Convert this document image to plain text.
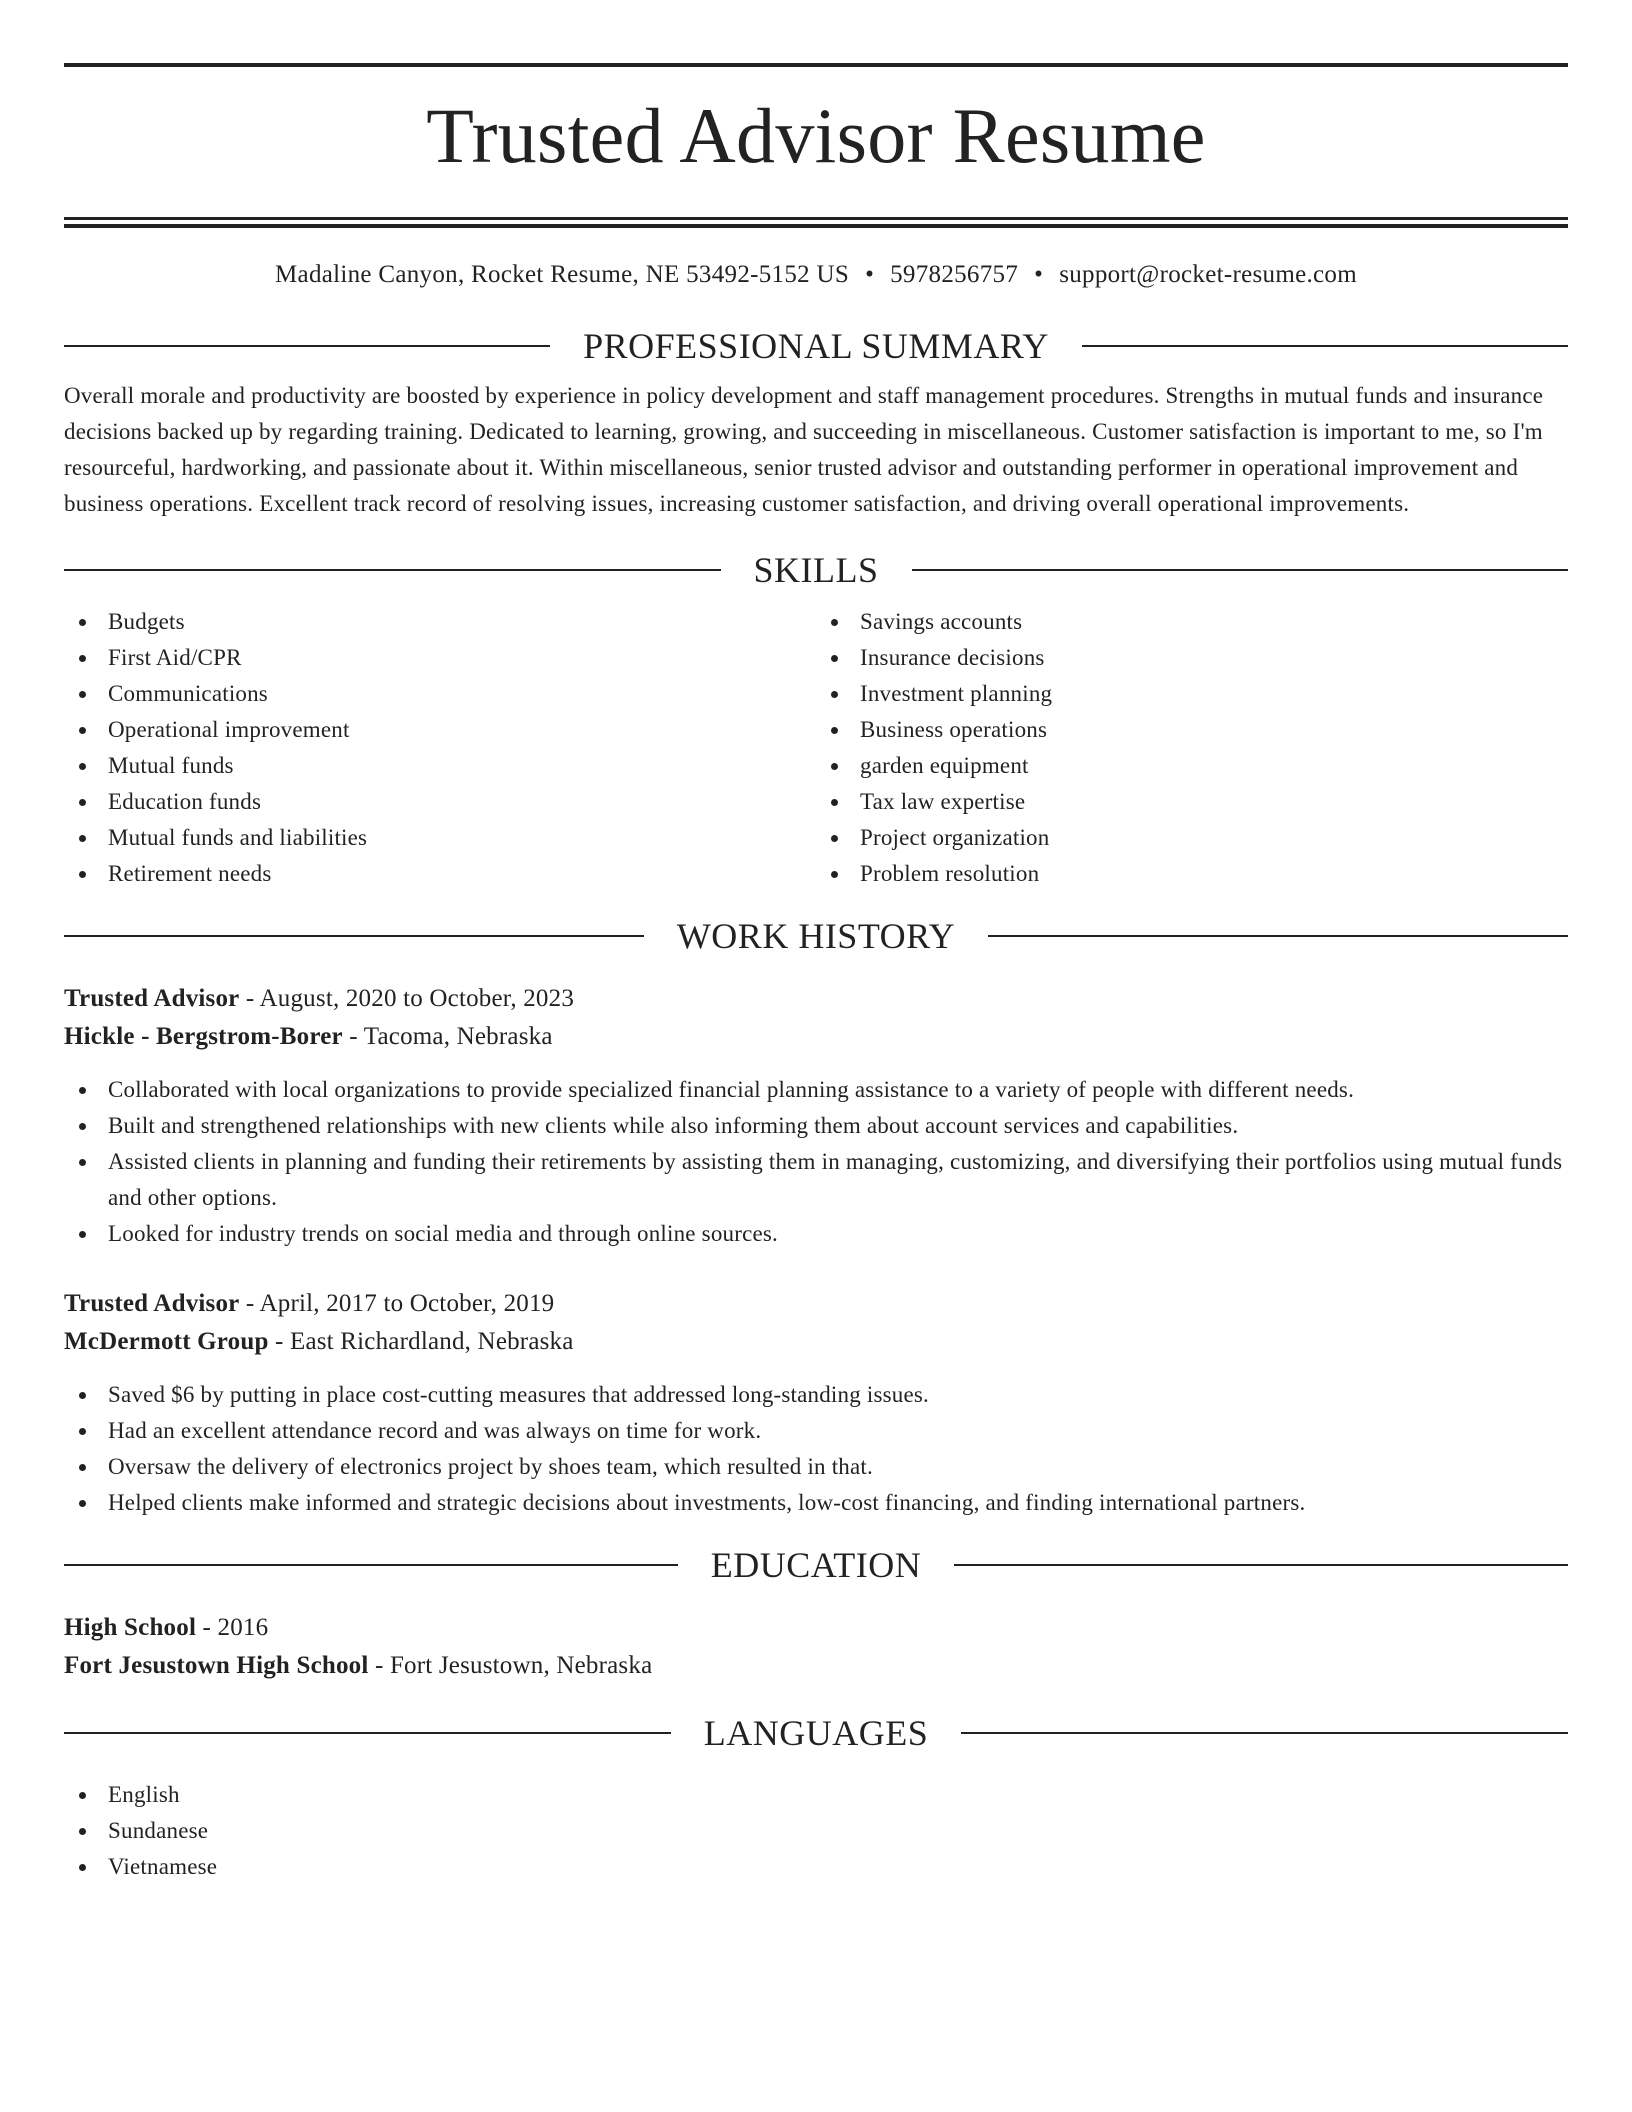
Trusted Advisor Resume
Madaline Canyon, Rocket Resume, NE 53492-5152 US • 5978256757 • support@rocket-resume.com
PROFESSIONAL SUMMARY

Overall morale and productivity are boosted by experience in policy development and staff management procedures. Strengths in mutual funds and insurance decisions backed up by regarding training. Dedicated to learning, growing, and succeeding in miscellaneous. Customer satisfaction is important to me, so I'm resourceful, hardworking, and passionate about it. Within miscellaneous, senior trusted advisor and outstanding performer in operational improvement and business operations. Excellent track record of resolving issues, increasing customer satisfaction, and driving overall operational improvements.

SKILLS
Budgets
First Aid/CPR
Communications
Operational improvement
Mutual funds
Education funds
Mutual funds and liabilities
Retirement needs
Savings accounts
Insurance decisions
Investment planning
Business operations
garden equipment
Tax law expertise
Project organization
Problem resolution
WORK HISTORY
Trusted Advisor - August, 2020 to October, 2023
Hickle - Bergstrom-Borer - Tacoma, Nebraska
Collaborated with local organizations to provide specialized financial planning assistance to a variety of people with different needs.
Built and strengthened relationships with new clients while also informing them about account services and capabilities.
Assisted clients in planning and funding their retirements by assisting them in managing, customizing, and diversifying their portfolios using mutual funds and other options.
Looked for industry trends on social media and through online sources.
Trusted Advisor - April, 2017 to October, 2019
McDermott Group - East Richardland, Nebraska
Saved $6 by putting in place cost-cutting measures that addressed long-standing issues.
Had an excellent attendance record and was always on time for work.
Oversaw the delivery of electronics project by shoes team, which resulted in that.
Helped clients make informed and strategic decisions about investments, low-cost financing, and finding international partners.
EDUCATION
High School - 2016
Fort Jesustown High School - Fort Jesustown, Nebraska
LANGUAGES
English
Sundanese
Vietnamese
